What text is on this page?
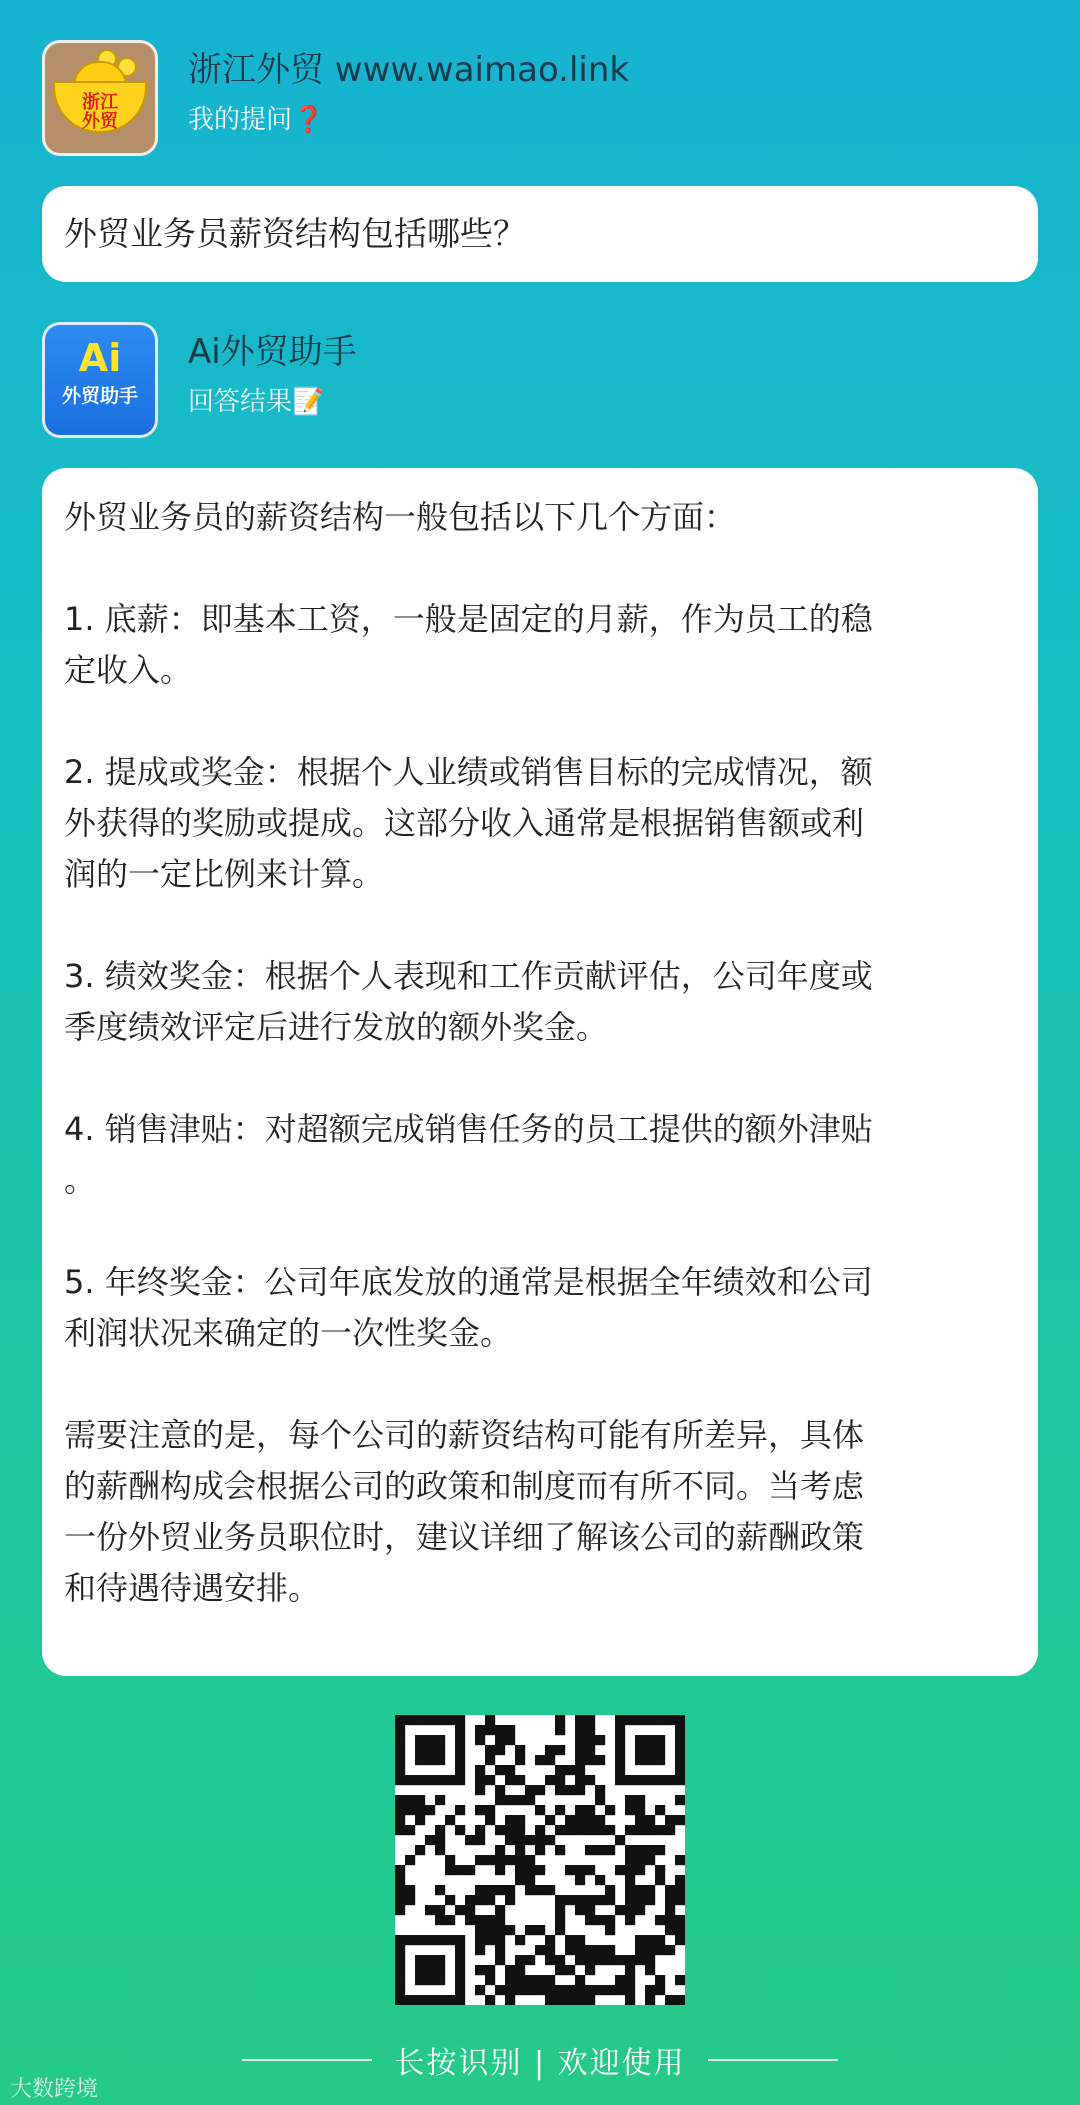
浙江
外贸
浙江外贸 www.waimao.link
我的提问❓
外贸业务员薪资结构包括哪些？
Ai
外贸助手
Ai外贸助手
回答结果📝
外贸业务员的薪资结构一般包括以下几个方面：
1. 底薪：即基本工资，一般是固定的月薪，作为员工的稳
定收入。
2. 提成或奖金：根据个人业绩或销售目标的完成情况，额
外获得的奖励或提成。这部分收入通常是根据销售额或利
润的一定比例来计算。
3. 绩效奖金：根据个人表现和工作贡献评估，公司年度或
季度绩效评定后进行发放的额外奖金。
4. 销售津贴：对超额完成销售任务的员工提供的额外津贴
。
5. 年终奖金：公司年底发放的通常是根据全年绩效和公司
利润状况来确定的一次性奖金。
需要注意的是，每个公司的薪资结构可能有所差异，具体
的薪酬构成会根据公司的政策和制度而有所不同。当考虑
一份外贸业务员职位时，建议详细了解该公司的薪酬政策
和待遇待遇安排。
长按识别 | 欢迎使用
大数跨境
